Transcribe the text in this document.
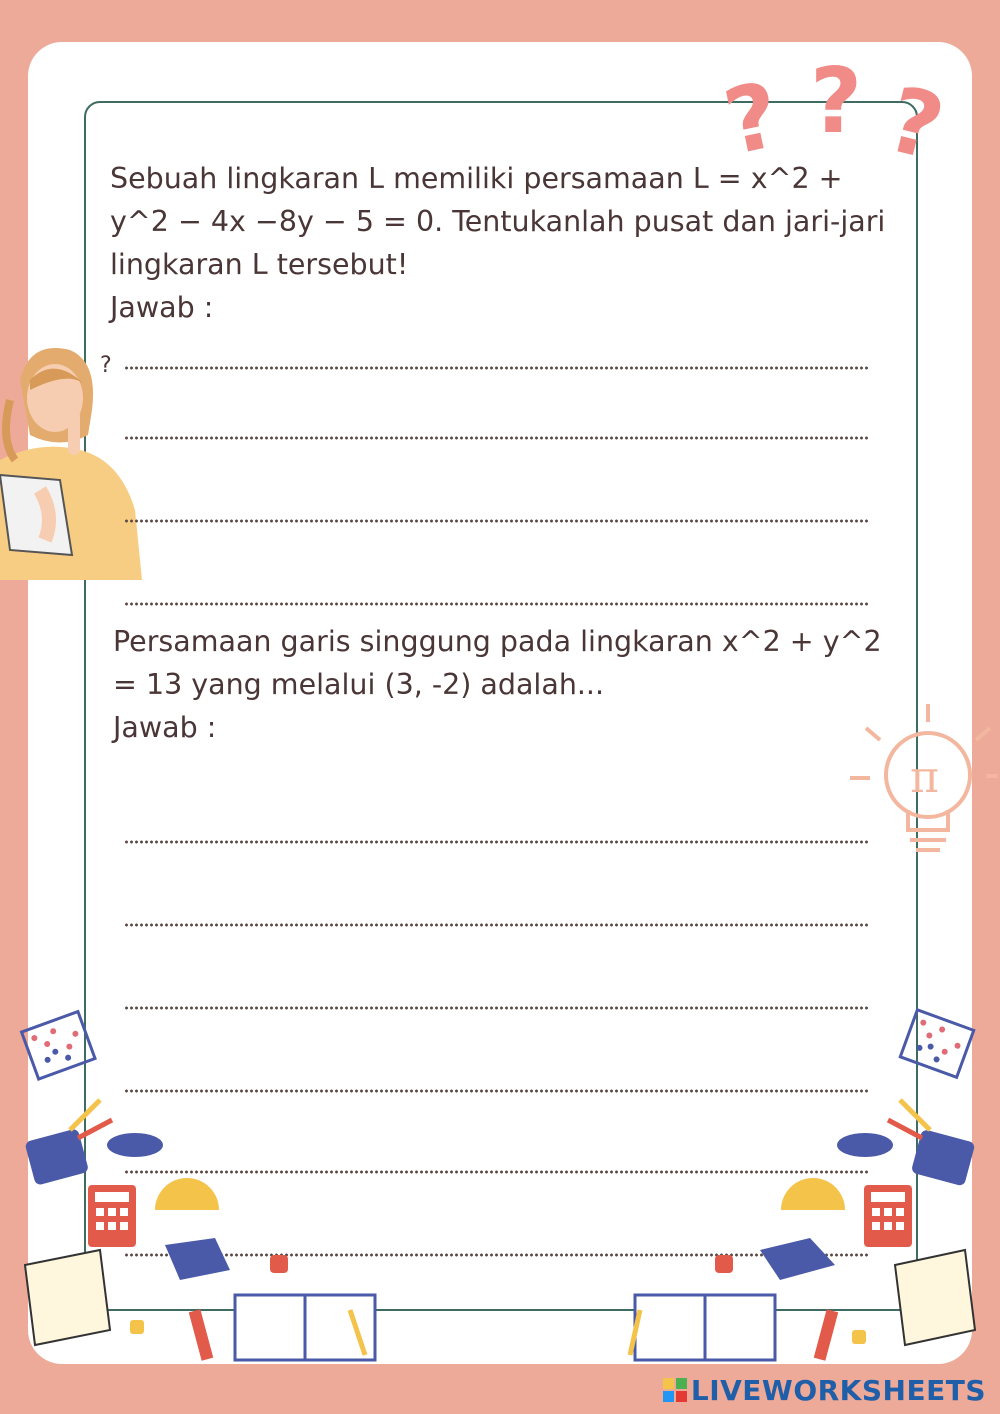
? ? ?
π
Sebuah lingkaran L memiliki persamaan L = x^2 + y^2 − 4x −8y − 5 = 0. Tentukanlah pusat dan jari-jari lingkaran L tersebut!
Jawab :
?
Persamaan garis singgung pada lingkaran x^2 + y^2 = 13 yang melalui (3, -2) adalah...
Jawab :
LIVEWORKSHEETS
